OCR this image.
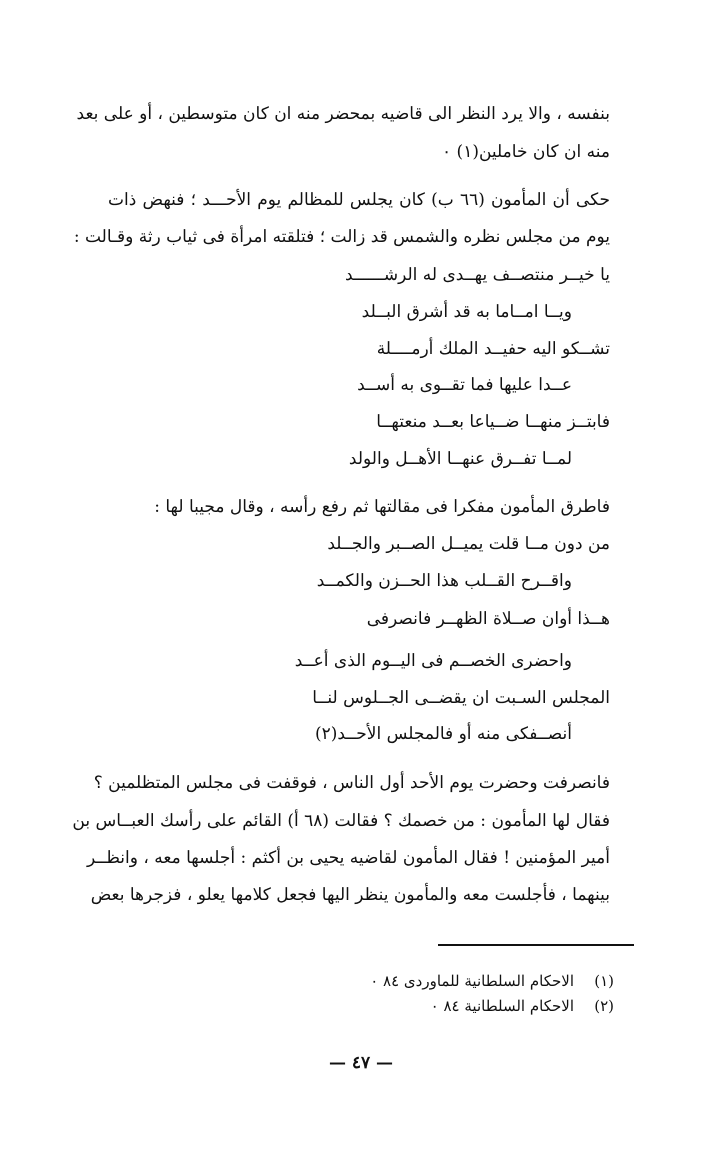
بنفسه ، والا يرد النظر الى قاضيه بمحضر منه ان كان متوسطين ، أو على بعد

منه ان كان خاملين(١) ٠

حكى أن المأمون (٦٦ ب) كان يجلس للمظالم يوم الأحـــد ؛ فنهض ذات

يوم من مجلس نظره والشمس قد زالت ؛ فتلقته امرأة فى ثياب رثة وقـالت :

يا خيــر منتصــف يهــدى له الرشــــــد

ويــا امــاما به قد أشرق البــلد

تشــكو اليه حفيــد الملك أرمــــلة

عــدا عليها فما تقــوى به أســد

فابتــز منهــا ضــياعا بعــد منعتهــا

لمــا تفــرق عنهــا الأهــل والولد

فاطرق المأمون مفكرا فى مقالتها ثم رفع رأسه ، وقال مجيبا لها :

من دون مــا قلت يميــل الصــبر والجــلد

واقــرح القــلب هذا الحــزن والكمــد

هــذا أوان صــلاة الظهــر فانصرفى

واحضرى الخصــم فى اليــوم الذى أعــد

المجلس السـبت ان يقضــى الجــلوس لنــا

أنصــفكى منه أو فالمجلس الأحــد(٢)

فانصرفت وحضرت يوم الأحد أول الناس ، فوقفت فى مجلس المتظلمين ؟

فقال لها المأمون : من خصمك ؟ فقالت (٦٨ أ) القائم على رأسك العبــاس بن

أمير المؤمنين ! فقال المأمون لقاضيه يحيى بن أكثم : أجلسها معه ، وانظــر

بينهما ، فأجلست معه والمأمون ينظر اليها فجعل كلامها يعلو ، فزجرها بعض

(١)

الاحكام السلطانية للماوردى ٨٤ ٠

(٢)

الاحكام السلطانية ٨٤ ٠

— ٤٧ —
